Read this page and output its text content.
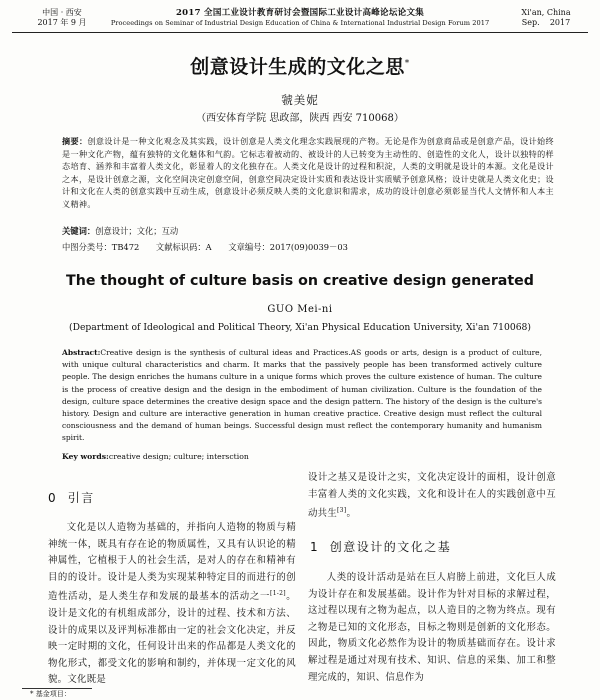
中国 · 西安
2017 年 9 月
2017 全国工业设计教育研讨会暨国际工业设计高峰论坛论文集
Proceedings on Seminar of Industrial Design Education of China & International Industrial Design Forum 2017
Xi'an, China
Sep.    2017
创意设计生成的文化之思*
虢美妮
（西安体育学院 思政部，陕西 西安 710068）
摘要：创意设计是一种文化观念及其实践，设计创意是人类文化理念实践展现的产物。无论是作为创意商品或是创意产品，设计始终是一种文化产物，蕴有独特的文化魅体和气韵。它标志着被动的、被设计的人已转变为主动性的、创造性的文化人，设计以独特的样态培育、涵养和丰富着人类文化，彰显着人的文化独存在。人类文化是设计的过程和积淀，人类的文明就是设计的本源。文化是设计之本，是设计创意之源，文化空间决定创意空间，创意空间决定设计实质和表达设计实质赋予创意风格；设计史就是人类文化史；设计和文化在人类的创意实践中互动生成，创意设计必须反映人类的文化意识和需求，成功的设计创意必须彰显当代人文情怀和人本主义精神。
关键词：创意设计；文化；互动
中图分类号：TB472 文献标识码：A 文章编号：2017(09)0039－03
The thought of culture basis on creative design generated
GUO Mei-ni
(Department of Ideological and Political Theory, Xi'an Physical Education University, Xi'an 710068)
Abstract:Creative design is the synthesis of cultural ideas and Practices.AS goods or arts, design is a product of culture, with unique cultural characteristics and charm. It marks that the passively people has been transformed actively culture people. The design enriches the humans culture in a unique forms which proves the culture existence of human. The culture is the process of creative design and the design in the embodiment of human civilization. Culture is the foundation of the design, culture space determines the creative design space and the design pattern. The history of the design is the culture's history. Design and culture are interactive generation in human creative practice. Creative design must reflect the cultural consciousness and the demand of human beings. Successful design must reflect the contemporary humanity and humanism spirit.
Key words:creative design; culture; intersction
0 引言

文化是以人造物为基础的，并指向人造物的物质与精神统一体，既具有存在论的物质属性，又具有认识论的精神属性，它植根于人的社会生活，是对人的存在和精神有目的的设计。设计是人类为实现某种特定目的而进行的创造性活动，是人类生存和发展的最基本的活动之一[1-2]。设计是文化的有机组成部分，设计的过程、技术和方法、设计的成果以及评判标准都由一定的社会文化决定，并反映一定时期的文化，任何设计出来的作品都是人类文化的物化形式，都受文化的影响和制约，并体现一定文化的风貌。文化既是

设计之基又是设计之实，文化决定设计的面相，设计创意丰富着人类的文化实践，文化和设计在人的实践创意中互动共生[3]。

1 创意设计的文化之基

人类的设计活动是站在巨人肩膀上前进，文化巨人成为设计存在和发展基础。设计作为针对目标的求解过程，这过程以现有之物为起点，以人造目的之物为终点。现有之物是已知的文化形态，目标之物则是创新的文化形态。因此，物质文化必然作为设计的物质基础而存在。设计求解过程是通过对现有技术、知识、信息的采集、加工和整理完成的，知识、信息作为

* 基金项目：
